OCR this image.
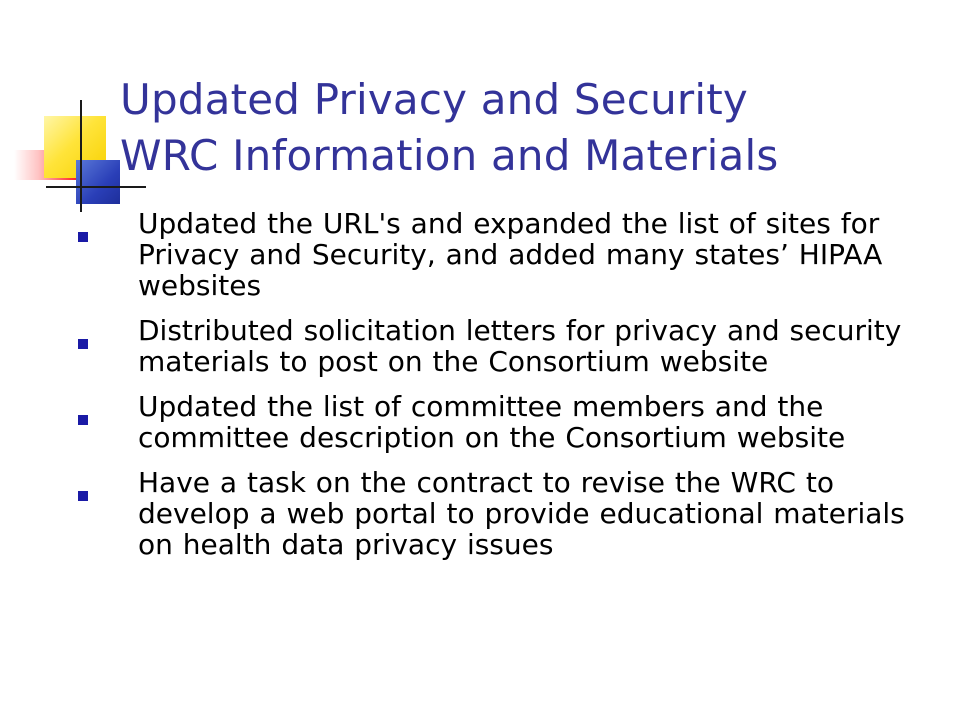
Updated Privacy and Security
WRC Information and Materials
Updated the URL's and expanded the list of sites for Privacy and Security, and added many states’ HIPAA websites
Distributed solicitation letters for privacy and security materials to post on the Consortium website
Updated the list of committee members and the committee description on the Consortium website
Have a task on the contract to revise the WRC to develop a web portal to provide educational materials on health data privacy issues
